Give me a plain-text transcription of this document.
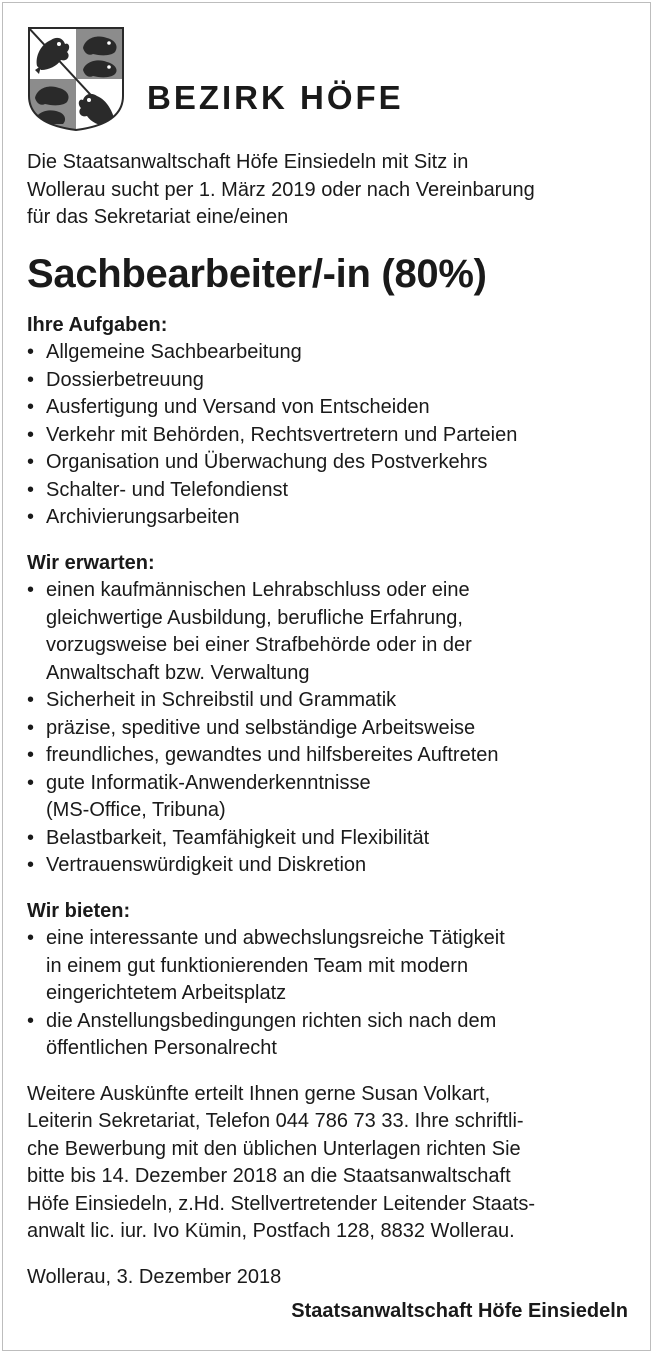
BEZIRK HÖFE

Die Staatsanwaltschaft Höfe Einsiedeln mit Sitz in

Wollerau sucht per 1. März 2019 oder nach Vereinbarung

für das Sekretariat eine/einen

Sachbearbeiter/-in (80%)
Ihre Aufgaben:
• Allgemeine Sachbearbeitung
• Dossierbetreuung
• Ausfertigung und Versand von Entscheiden
• Verkehr mit Behörden, Rechtsvertretern und Parteien
• Organisation und Überwachung des Postverkehrs
• Schalter- und Telefondienst
• Archivierungsarbeiten
Wir erwarten:
• einen kaufmännischen Lehrabschluss oder eine
gleichwertige Ausbildung, berufliche Erfahrung,
vorzugsweise bei einer Strafbehörde oder in der
Anwaltschaft bzw. Verwaltung
• Sicherheit in Schreibstil und Grammatik
• präzise, speditive und selbständige Arbeitsweise
• freundliches, gewandtes und hilfsbereites Auftreten
• gute Informatik-Anwenderkenntnisse
(MS-Office, Tribuna)
• Belastbarkeit, Teamfähigkeit und Flexibilität
• Vertrauenswürdigkeit und Diskretion
Wir bieten:
• eine interessante und abwechslungsreiche Tätigkeit
in einem gut funktionierenden Team mit modern
eingerichtetem Arbeitsplatz
• die Anstellungsbedingungen richten sich nach dem
öffentlichen Personalrecht

Weitere Auskünfte erteilt Ihnen gerne Susan Volkart,

Leiterin Sekretariat, Telefon 044 786 73 33. Ihre schriftli-

che Bewerbung mit den üblichen Unterlagen richten Sie

bitte bis 14. Dezember 2018 an die Staatsanwaltschaft

Höfe Einsiedeln, z.Hd. Stellvertretender Leitender Staats-

anwalt lic. iur. Ivo Kümin, Postfach 128, 8832 Wollerau.

Wollerau, 3. Dezember 2018

Staatsanwaltschaft Höfe Einsiedeln
